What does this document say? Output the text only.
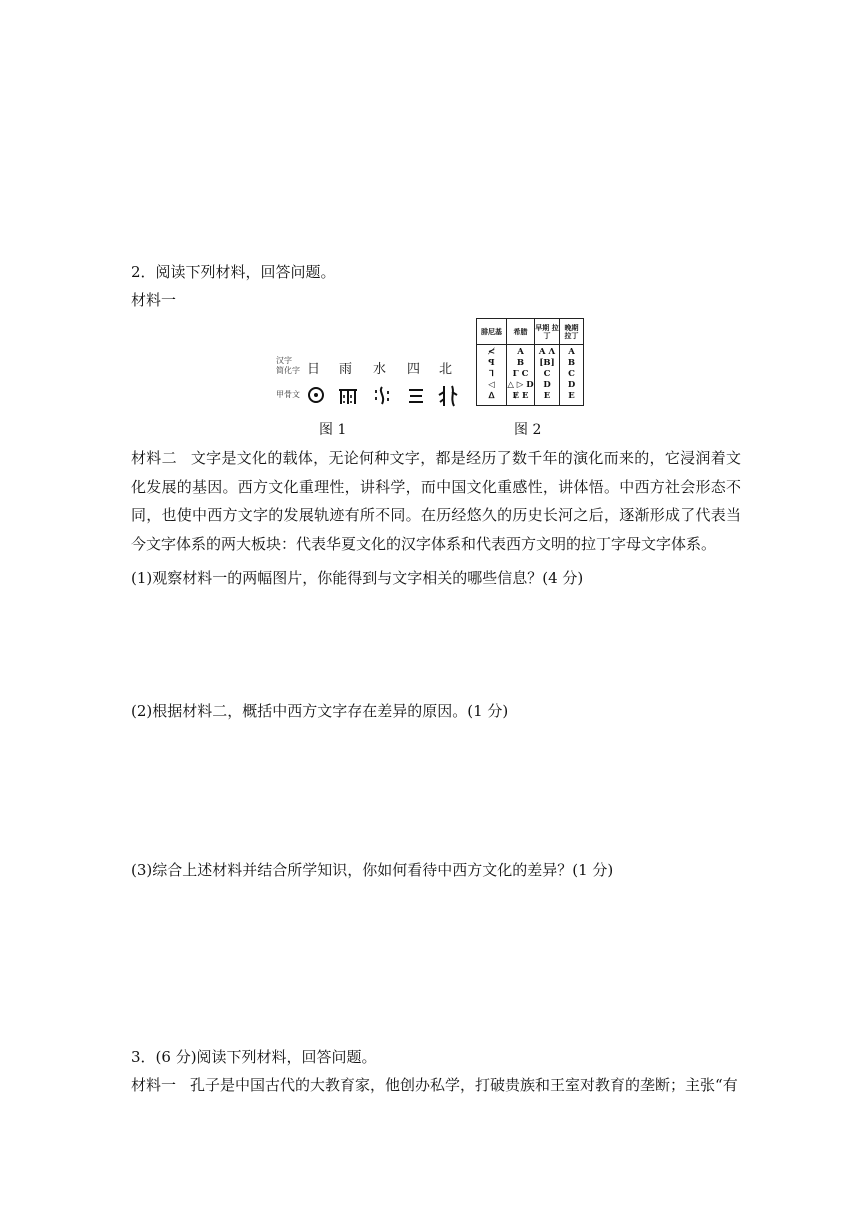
2．阅读下列材料，回答问题。
材料一
汉字
简化字
甲骨文
日 雨 水 四 北
图 1
腓尼基
≮
ꟼ
ꓶ
◁
ᐃ
希腊
A
B
Γ C
△ ▷ D
Ɇ E
早期 拉丁
A Λ
[B]
C
D
E
晚期 拉丁
A
B
C
D
E
图 2
材料二 文字是文化的载体，无论何种文字，都是经历了数千年的演化而来的，它浸润着文化发展的基因。西方文化重理性，讲科学，而中国文化重感性，讲体悟。中西方社会形态不同，也使中西方文字的发展轨迹有所不同。在历经悠久的历史长河之后，逐渐形成了代表当今文字体系的两大板块：代表华夏文化的汉字体系和代表西方文明的拉丁字母文字体系。
(1)观察材料一的两幅图片，你能得到与文字相关的哪些信息？(4 分)
(2)根据材料二，概括中西方文字存在差异的原因。(1 分)
(3)综合上述材料并结合所学知识，你如何看待中西方文化的差异？(1 分)
3．(6 分)阅读下列材料，回答问题。
材料一 孔子是中国古代的大教育家，他创办私学，打破贵族和王室对教育的垄断；主张“有
